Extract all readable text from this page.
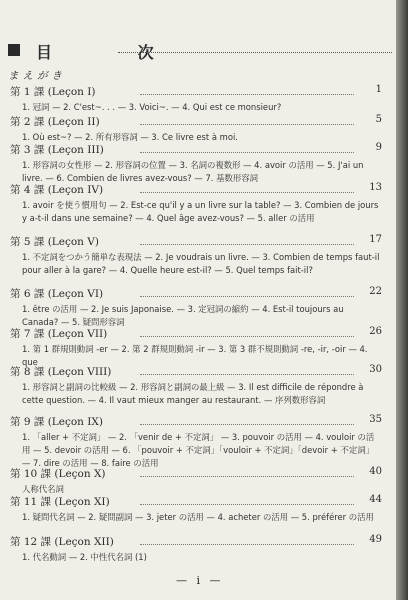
目 次
まえがき
第 1 課 (Leçon I)	1
1. 冠詞 — 2. C'est~. . . — 3. Voici~. — 4. Qui est ce monsieur?
第 2 課 (Leçon II)	5
1. Où est~? — 2. 所有形容詞 — 3. Ce livre est à moi.
第 3 課 (Leçon III)	9
1. 形容詞の女性形 — 2. 形容詞の位置 — 3. 名詞の複数形 — 4. avoir の活用 — 5. J'ai un livre. — 6. Combien de livres avez-vous? — 7. 基数形容詞
第 4 課 (Leçon IV)	13
1. avoir を使う慣用句 — 2. Est-ce qu'il y a un livre sur la table? — 3. Combien de jours y a-t-il dans une semaine? — 4. Quel âge avez-vous? — 5. aller の活用
第 5 課 (Leçon V)	17
1. 不定詞をつかう簡単な表現法 — 2. Je voudrais un livre. — 3. Combien de temps faut-il pour aller à la gare? — 4. Quelle heure est-il? — 5. Quel temps fait-il?
第 6 課 (Leçon VI)	22
1. être の活用 — 2. Je suis Japonaise. — 3. 定冠詞の縮約 — 4. Est-il toujours au Canada? — 5. 疑問形容詞
第 7 課 (Leçon VII)	26
1. 第 1 群規則動詞 -er — 2. 第 2 群規則動詞 -ir — 3. 第 3 群不規則動詞 -re, -ir, -oir — 4. que
第 8 課 (Leçon VIII)	30
1. 形容詞と副詞の比較級 — 2. 形容詞と副詞の最上級 — 3. Il est difficile de répondre à cette question. — 4. Il vaut mieux manger au restaurant. — 序列数形容詞
第 9 課 (Leçon IX)	35
1. 「aller + 不定詞」 — 2. 「venir de + 不定詞」 — 3. pouvoir の活用 — 4. vouloir の活用 — 5. devoir の活用 — 6. 「pouvoir + 不定詞」「vouloir + 不定詞」「devoir + 不定詞」 — 7. dire の活用 — 8. faire の活用
第 10 課 (Leçon X)	40
人称代名詞
第 11 課 (Leçon XI)	44
1. 疑問代名詞 — 2. 疑問副詞 — 3. jeter の活用 — 4. acheter の活用 — 5. préférer の活用
第 12 課 (Leçon XII)	49
1. 代名動詞 — 2. 中性代名詞 (1)
— i —
